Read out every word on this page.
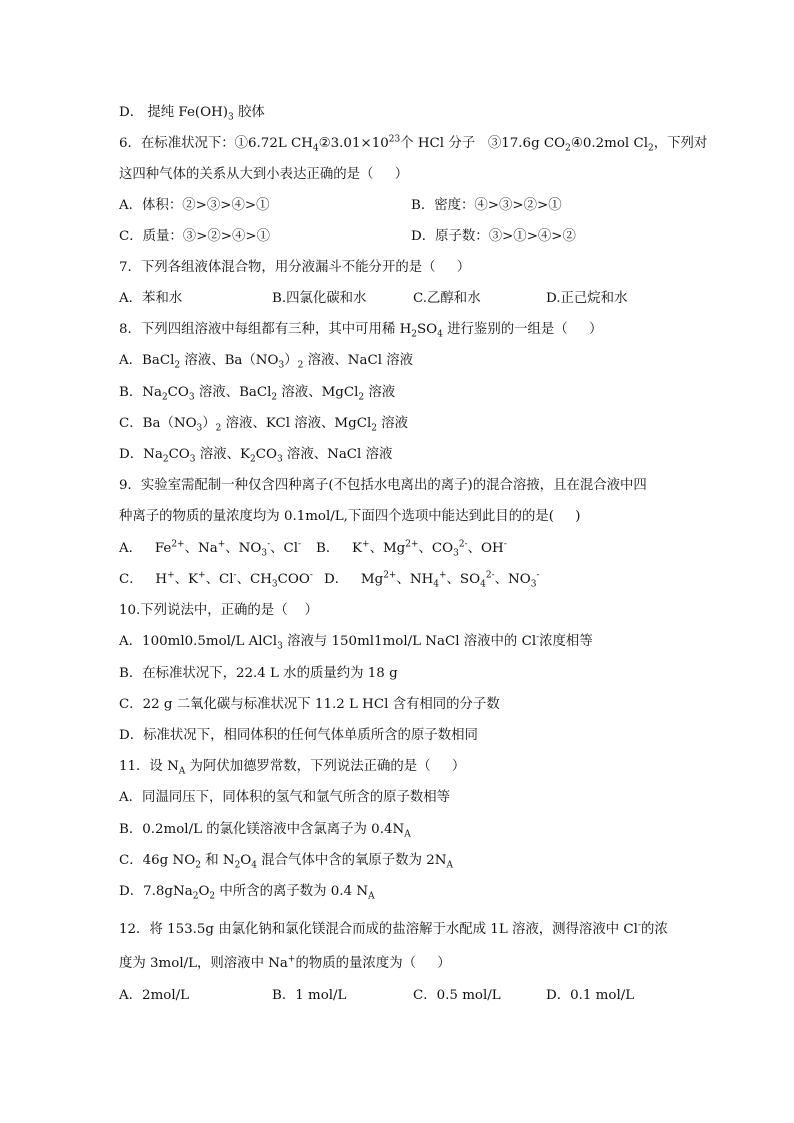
D． 提纯 $Fe(OH)_3$ 胶体
6．在标准状况下：①6.72L $CH_4②3.01\times 10^{23}$个 HCl 分子   ③17.6g $CO_2④0.2mol$ $Cl_2$，下列对
这四种气体的关系从大到小表达正确的是（     ）
A．体积：②>③>④>①	B．密度：④>③>②>①
C．质量：③>②>④>①	D．原子数：③>①>④>②
7．下列各组液体混合物，用分液漏斗不能分开的是（     ）
A．苯和水	B.四氯化碳和水	C.乙醇和水	D.正己烷和水
8．下列四组溶液中每组都有三种，其中可用稀 $H_2SO_4$ 进行鉴别的一组是（     ）
A．BaCl$_2$ 溶液、$Ba(NO_3)_2$ 溶液、NaCl 溶液
B．$Na_2CO_3$ 溶液、BaCl$_2$ 溶液、MgCl$_2$ 溶液
C．$Ba(NO_3)_2$ 溶液、KCl 溶液、MgCl$_2$ 溶液
D．$Na_2CO_3$ 溶液、$K_2CO_3$ 溶液、NaCl 溶液
9．实验室需配制一种仅含四种离子(不包括水电离出的离子)的混合溶掖，且在混合液中四
种离子的物质的量浓度均为 0.1mol/L,下面四个选项中能达到此目的的是(     )
A．   $Fe^{2+}$、Na+、$NO_3^-$、Cl- B．   K+、$Mg^{2+}$、$CO_3^{2-}$、OH-
C．   H+、K+、Cl-、$CH_3COO^-$ D．   $Mg^{2+}$、$NH_4^+$、$SO_4^{2-}$、$NO_3^-$
10.下列说法中，正确的是（    ）
A．100ml0.5mol/L AlCl$_3$ 溶液与 150ml1mol/L NaCl 溶液中的 Cl-浓度相等
B．在标准状况下，22.4 L 水的质量约为 18 g
C．22 g 二氧化碳与标准状况下 11.2 L HCl 含有相同的分子数
D．标准状况下，相同体积的任何气体单质所含的原子数相同
11．设 $N_A$ 为阿伏加德罗常数，下列说法正确的是（     ）
A．同温同压下，同体积的氢气和氩气所含的原子数相等
B．0.2mol/L 的氯化镁溶液中含氯离子为 $0.4N_A$
C．46g $NO_2$ 和 $N_2O_4$ 混合气体中含的氧原子数为 $2N_A$
D．$7.8gNa_2O_2$ 中所含的离子数为 0.4 $N_A$
12．将 153.5g 由氯化钠和氯化镁混合而成的盐溶解于水配成 1L 溶液，测得溶液中 Cl-的浓
度为 3mol/L，则溶液中 Na+的物质的量浓度为（     ）
A．2mol/L	B．1 mol/L	C．0.5 mol/L	D．0.1 mol/L
